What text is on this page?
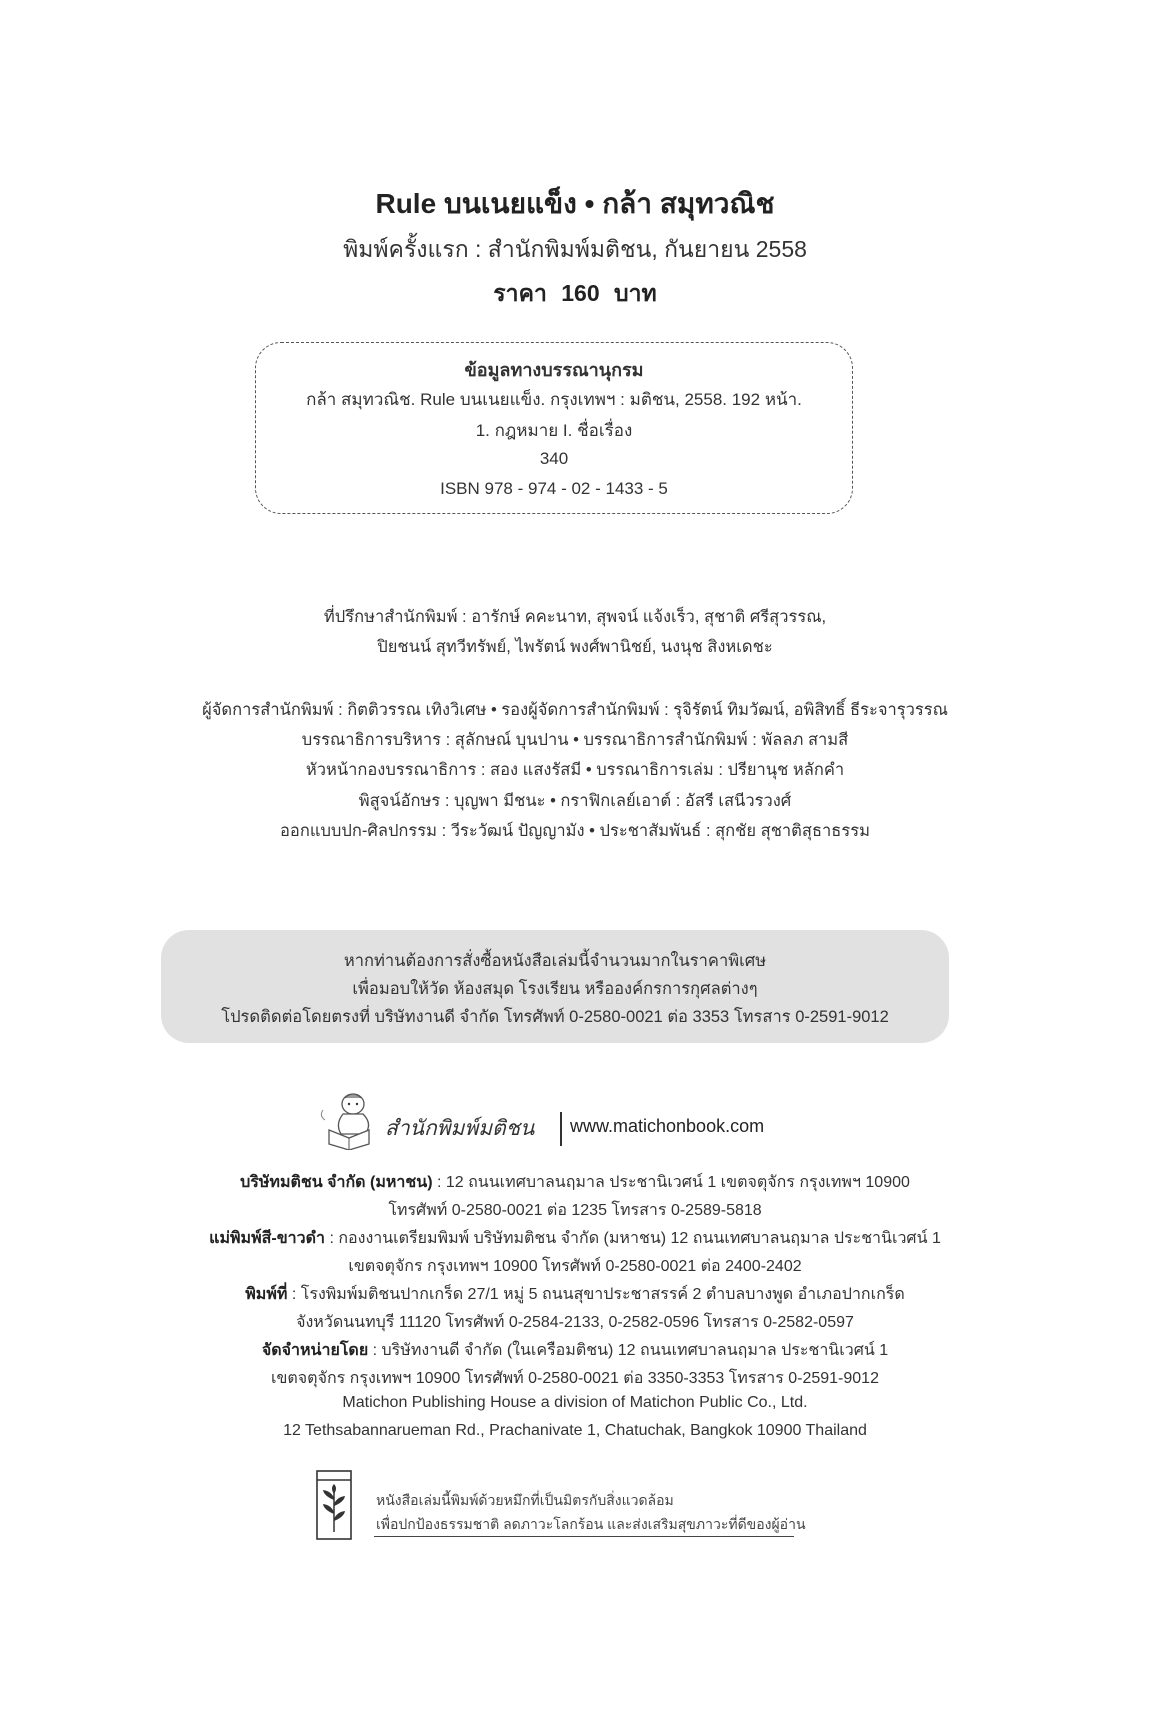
Rule บนเนยแข็ง • กล้า สมุทวณิช
พิมพ์ครั้งแรก : สำนักพิมพ์มติชน, กันยายน 2558
ราคา 160 บาท
ข้อมูลทางบรรณานุกรม
กล้า สมุทวณิช. Rule บนเนยแข็ง. กรุงเทพฯ : มติชน, 2558. 192 หน้า.
1. กฎหมาย I. ชื่อเรื่อง
340
ISBN 978 - 974 - 02 - 1433 - 5
ที่ปรึกษาสำนักพิมพ์ : อารักษ์ คคะนาท, สุพจน์ แจ้งเร็ว, สุชาติ ศรีสุวรรณ,
ปิยชนน์ สุทวีทรัพย์, ไพรัตน์ พงศ์พานิชย์, นงนุช สิงหเดชะ
ผู้จัดการสำนักพิมพ์ : กิตติวรรณ เทิงวิเศษ • รองผู้จัดการสำนักพิมพ์ : รุจิรัตน์ ทิมวัฒน์, อพิสิทธิ์ ธีระจารุวรรณ
บรรณาธิการบริหาร : สุลักษณ์ บุนปาน • บรรณาธิการสำนักพิมพ์ : พัลลภ สามสี
หัวหน้ากองบรรณาธิการ : สอง แสงรัสมี • บรรณาธิการเล่ม : ปรียานุช หลักคำ
พิสูจน์อักษร : บุญพา มีชนะ • กราฟิกเลย์เอาต์ : อัสรี เสนีวรวงศ์
ออกแบบปก-ศิลปกรรม : วีระวัฒน์ ปัญญามัง • ประชาสัมพันธ์ : สุกชัย สุชาติสุธาธรรม
หากท่านต้องการสั่งซื้อหนังสือเล่มนี้จำนวนมากในราคาพิเศษ
เพื่อมอบให้วัด ห้องสมุด โรงเรียน หรือองค์กรการกุศลต่างๆ
โปรดติดต่อโดยตรงที่ บริษัทงานดี จำกัด โทรศัพท์ 0-2580-0021 ต่อ 3353 โทรสาร 0-2591-9012
สำนักพิมพ์มติชน www.matichonbook.com
บริษัทมติชน จำกัด (มหาชน) : 12 ถนนเทศบาลนฤมาล ประชานิเวศน์ 1 เขตจตุจักร กรุงเทพฯ 10900
โทรศัพท์ 0-2580-0021 ต่อ 1235 โทรสาร 0-2589-5818
แม่พิมพ์สี-ขาวดำ : กองงานเตรียมพิมพ์ บริษัทมติชน จำกัด (มหาชน) 12 ถนนเทศบาลนฤมาล ประชานิเวศน์ 1
เขตจตุจักร กรุงเทพฯ 10900 โทรศัพท์ 0-2580-0021 ต่อ 2400-2402
พิมพ์ที่ : โรงพิมพ์มติชนปากเกร็ด 27/1 หมู่ 5 ถนนสุขาประชาสรรค์ 2 ตำบลบางพูด อำเภอปากเกร็ด
จังหวัดนนทบุรี 11120 โทรศัพท์ 0-2584-2133, 0-2582-0596 โทรสาร 0-2582-0597
จัดจำหน่ายโดย : บริษัทงานดี จำกัด (ในเครือมติชน) 12 ถนนเทศบาลนฤมาล ประชานิเวศน์ 1
เขตจตุจักร กรุงเทพฯ 10900 โทรศัพท์ 0-2580-0021 ต่อ 3350-3353 โทรสาร 0-2591-9012
Matichon Publishing House a division of Matichon Public Co., Ltd.
12 Tethsabannarueman Rd., Prachanivate 1, Chatuchak, Bangkok 10900 Thailand
หนังสือเล่มนี้พิมพ์ด้วยหมึกที่เป็นมิตรกับสิ่งแวดล้อม
เพื่อปกป้องธรรมชาติ ลดภาวะโลกร้อน และส่งเสริมสุขภาวะที่ดีของผู้อ่าน
